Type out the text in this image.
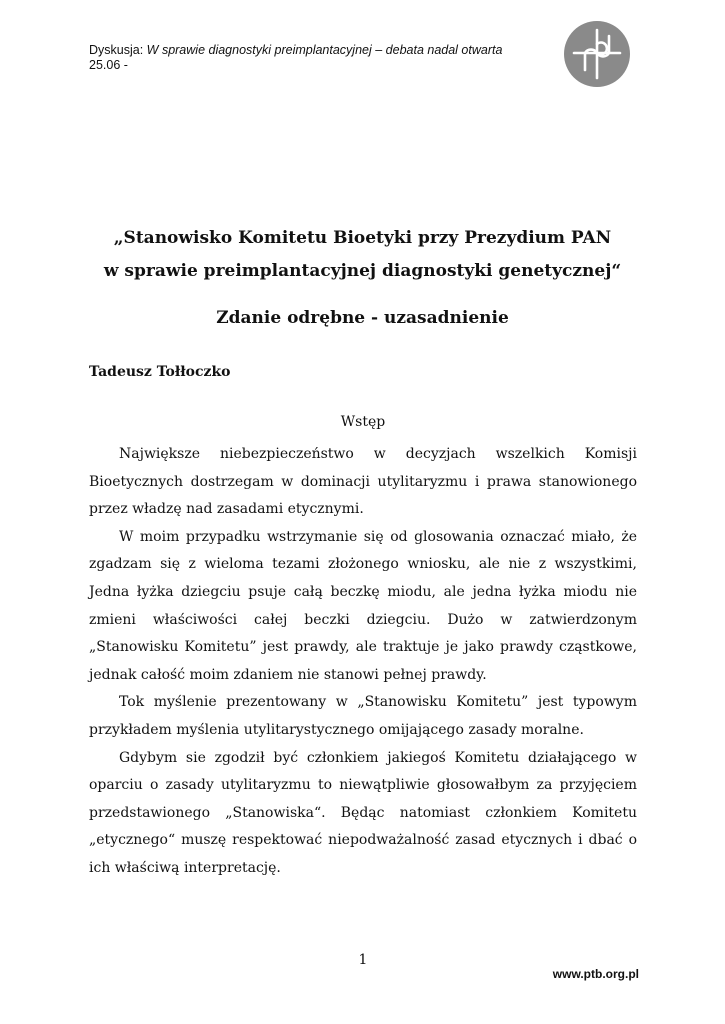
Dyskusja: W sprawie diagnostyki preimplantacyjnej – debata nadal otwarta
25.06 -
„Stanowisko Komitetu Bioetyki przy Prezydium PAN
w sprawie preimplantacyjnej diagnostyki genetycznej“
Zdanie odrębne - uzasadnienie
Tadeusz Tołłoczko
Wstęp

Największe niebezpieczeństwo w decyzjach wszelkich Komisji Bioetycznych dostrzegam w dominacji utylitaryzmu i prawa stanowionego przez władzę nad zasadami etycznymi.

W moim przypadku wstrzymanie się od glosowania oznaczać miało, że zgadzam się z wieloma tezami złożonego wniosku, ale nie z wszystkimi, Jedna łyżka dziegciu psuje całą beczkę miodu, ale jedna łyżka miodu nie zmieni właściwości całej beczki dziegciu. Dużo w zatwierdzonym „Stanowisku Komitetu” jest prawdy, ale traktuje je jako prawdy cząstkowe, jednak całość moim zdaniem nie stanowi pełnej prawdy.

Tok myślenie prezentowany w „Stanowisku Komitetu” jest typowym przykładem myślenia utylitarystycznego omijającego zasady moralne.

Gdybym sie zgodził być członkiem jakiegoś Komitetu działającego w oparciu o zasady utylitaryzmu to niewątpliwie głosowałbym za przyjęciem przedstawionego „Stanowiska“. Będąc natomiast członkiem Komitetu „etycznego“ muszę respektować niepodważalność zasad etycznych i dbać o ich właściwą interpretację.

1
www.ptb.org.pl
